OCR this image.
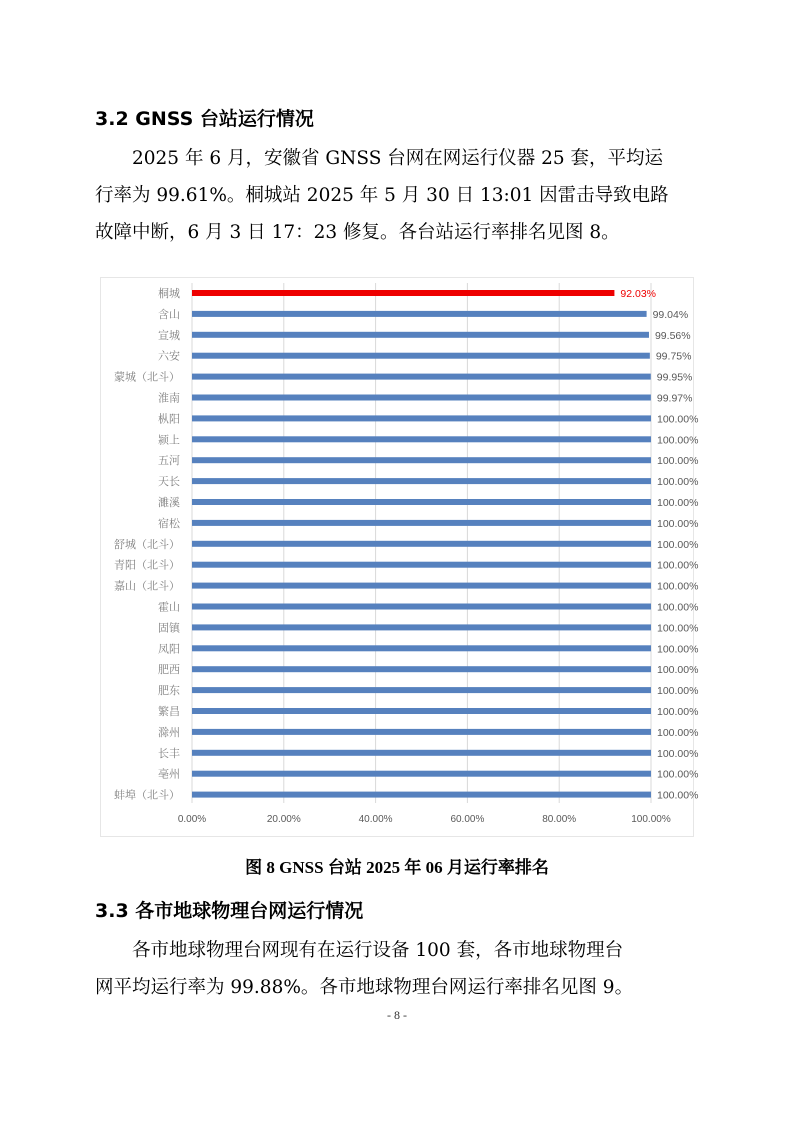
3.2 GNSS 台站运行情况
2025 年 6 月，安徽省 GNSS 台网在网运行仪器 25 套，平均运
行率为 99.61%。桐城站 2025 年 5 月 30 日 13:01 因雷击导致电路
故障中断，6 月 3 日 17：23 修复。各台站运行率排名见图 8。
0.00%	20.00%	40.00%	60.00%	80.00%	100.00%
桐城	92.03%
含山	99.04%
宣城	99.56%
六安	99.75%
蒙城（北斗）	99.95%
淮南	99.97%
枞阳	100.00%
颍上	100.00%
五河	100.00%
天长	100.00%
濉溪	100.00%
宿松	100.00%
舒城（北斗）	100.00%
青阳（北斗）	100.00%
嘉山（北斗）	100.00%
霍山	100.00%
固镇	100.00%
凤阳	100.00%
肥西	100.00%
肥东	100.00%
繁昌	100.00%
滁州	100.00%
长丰	100.00%
亳州	100.00%
蚌埠（北斗）	100.00%
图 8 GNSS 台站 2025 年 06 月运行率排名
3.3 各市地球物理台网运行情况
各市地球物理台网现有在运行设备 100 套，各市地球物理台
网平均运行率为 99.88%。各市地球物理台网运行率排名见图 9。
- 8 -
